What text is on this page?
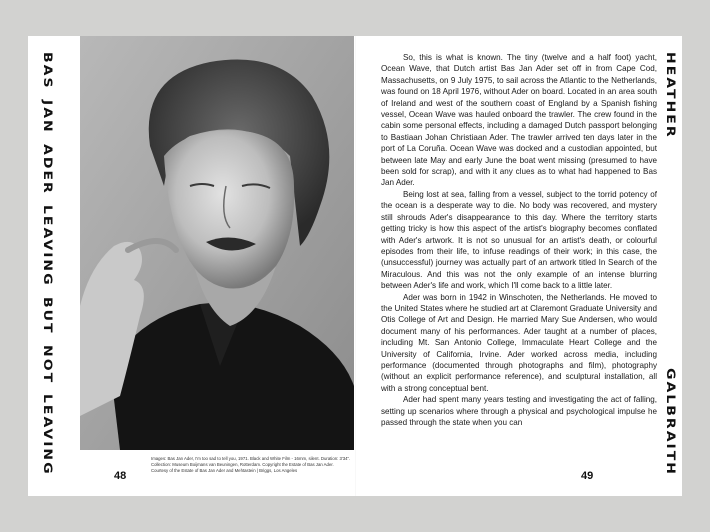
BAS
JAN
ADER
LEAVING
BUT
NOT
LEAVING	Images: Bas Jan Ader, I'm too sad to tell you, 1971. Black and White Film - 16mm, silent. Duration: 3'34". Collection: Museum Boijmans van Beuningen, Rotterdam. Copyright the Estate of Bas Jan Ader. Courtesy of the Estate of Bas Jan Ader and Mehtastein | Briggs, Los Angeles
48

So, this is what is known. The tiny (twelve and a half foot) yacht, Ocean Wave, that Dutch artist Bas Jan Ader set off in from Cape Cod, Massachusetts, on 9 July 1975, to sail across the Atlantic to the Netherlands, was found on 18 April 1976, without Ader on board. Located in an area south of Ireland and west of the southern coast of England by a Spanish fishing vessel, Ocean Wave was hauled onboard the trawler. The crew found in the cabin some personal effects, including a damaged Dutch passport belonging to Bastiaan Johan Christiaan Ader. The trawler arrived ten days later in the port of La Coruña. Ocean Wave was docked and a custodian appointed, but between late May and early June the boat went missing (presumed to have been sold for scrap), and with it any clues as to what had happened to Bas Jan Ader.

Being lost at sea, falling from a vessel, subject to the torrid potency of the ocean is a desperate way to die. No body was recovered, and mystery still shrouds Ader's disappearance to this day. Where the territory starts getting tricky is how this aspect of the artist's biography becomes conflated with Ader's artwork. It is not so unusual for an artist's death, or colourful episodes from their life, to infuse readings of their work; in this case, the (unsuccessful) journey was actually part of an artwork titled In Search of the Miraculous. And this was not the only example of an intense blurring between Ader's life and work, which I'll come back to a little later.

Ader was born in 1942 in Winschoten, the Netherlands. He moved to the United States where he studied art at Claremont Graduate University and Otis College of Art and Design. He married Mary Sue Andersen, who would document many of his performances. Ader taught at a number of places, including Mt. San Antonio College, Immaculate Heart College and the University of California, Irvine. Ader worked across media, including performance (documented through photographs and film), photography (without an explicit performance reference), and sculptural installation, all with a strong conceptual bent.

Ader had spent many years testing and investigating the act of falling, setting up scenarios where through a physical and psychological impulse he passed through the state when you can

HEATHER
GALBRAITH
49
